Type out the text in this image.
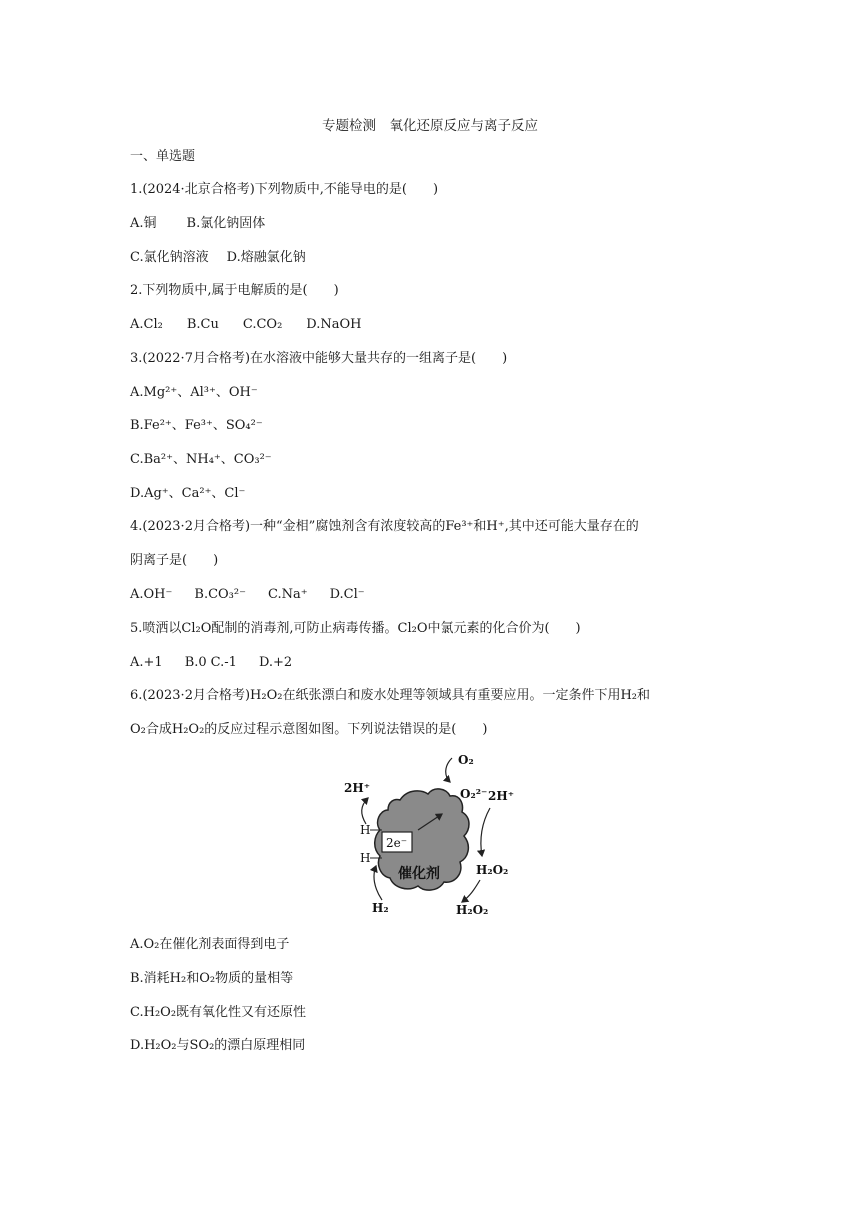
专题检测　氧化还原反应与离子反应
一、单选题
1.(2024·北京合格考)下列物质中,不能导电的是(　　)
A.铜 B.氯化钠固体
C.氯化钠溶液 D.熔融氯化钠
2.下列物质中,属于电解质的是(　　)
A.Cl₂ B.Cu C.CO₂ D.NaOH
3.(2022·7月合格考)在水溶液中能够大量共存的一组离子是(　　)
A.Mg²⁺、Al³⁺、OH⁻
B.Fe²⁺、Fe³⁺、SO₄²⁻
C.Ba²⁺、NH₄⁺、CO₃²⁻
D.Ag⁺、Ca²⁺、Cl⁻
4.(2023·2月合格考)一种“金相”腐蚀剂含有浓度较高的Fe³⁺和H⁺,其中还可能大量存在的
阴离子是(　　)
A.OH⁻ B.CO₃²⁻ C.Na⁺ D.Cl⁻
5.喷洒以Cl₂O配制的消毒剂,可防止病毒传播。Cl₂O中氯元素的化合价为(　　)
A.+1 B.0 C.-1 D.+2
6.(2023·2月合格考)H₂O₂在纸张漂白和废水处理等领域具有重要应用。一定条件下用H₂和
O₂合成H₂O₂的反应过程示意图如图。下列说法错误的是(　　)
2e⁻
催化剂
H
H
2H⁺
H₂
O₂
O₂²⁻ 2H⁺
H₂O₂
H₂O₂
A.O₂在催化剂表面得到电子
B.消耗H₂和O₂物质的量相等
C.H₂O₂既有氧化性又有还原性
D.H₂O₂与SO₂的漂白原理相同
